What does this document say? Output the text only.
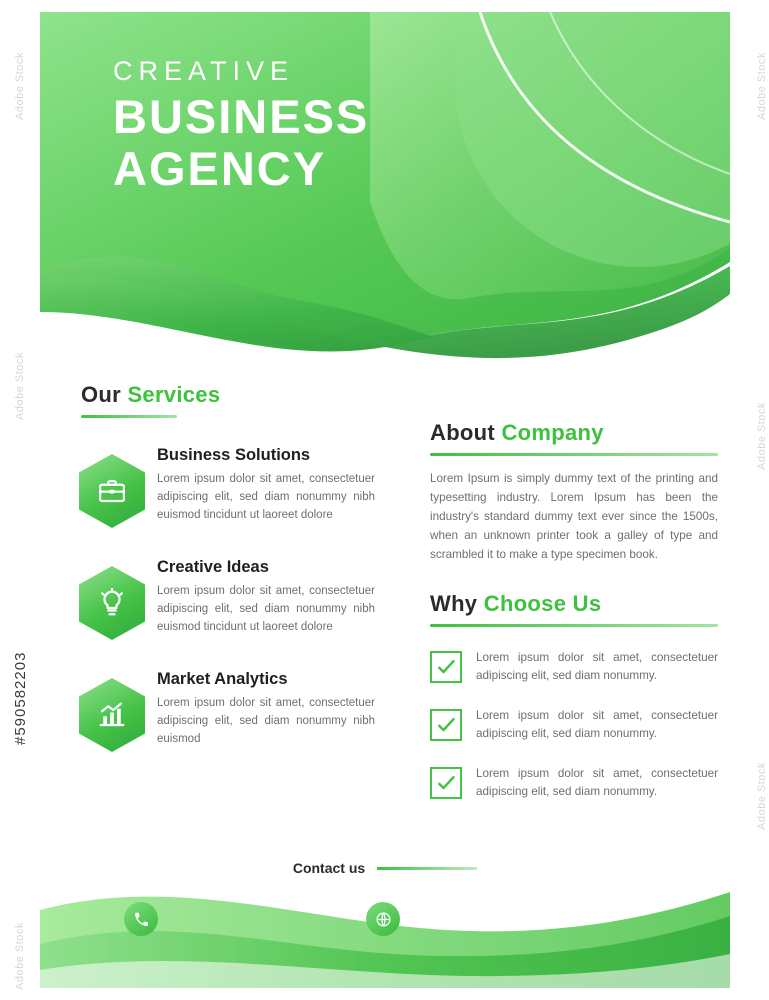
CREATIVE
BUSINESS
AGENCY
Our Services
Business Solutions
Lorem ipsum dolor sit amet, consectetuer adipiscing elit, sed diam nonummy nibh euismod tincidunt ut laoreet dolore
Creative Ideas
Lorem ipsum dolor sit amet, consectetuer adipiscing elit, sed diam nonummy nibh euismod tincidunt ut laoreet dolore
Market Analytics
Lorem ipsum dolor sit amet, consectetuer adipiscing elit, sed diam nonummy nibh euismod
About Company
Lorem Ipsum is simply dummy text of the printing and typesetting industry. Lorem Ipsum has been the industry's standard dummy text ever since the 1500s, when an unknown printer took a galley of type and scrambled it to make a type specimen book.
Why Choose Us
Lorem ipsum dolor sit amet, consectetuer adipiscing elit, sed diam nonummy.
Lorem ipsum dolor sit amet, consectetuer adipiscing elit, sed diam nonummy.
Lorem ipsum dolor sit amet, consectetuer adipiscing elit, sed diam nonummy.
Contact us
Adobe Stock
Adobe Stock
Adobe Stock
Adobe Stock
Adobe Stock
Adobe Stock
#590582203
